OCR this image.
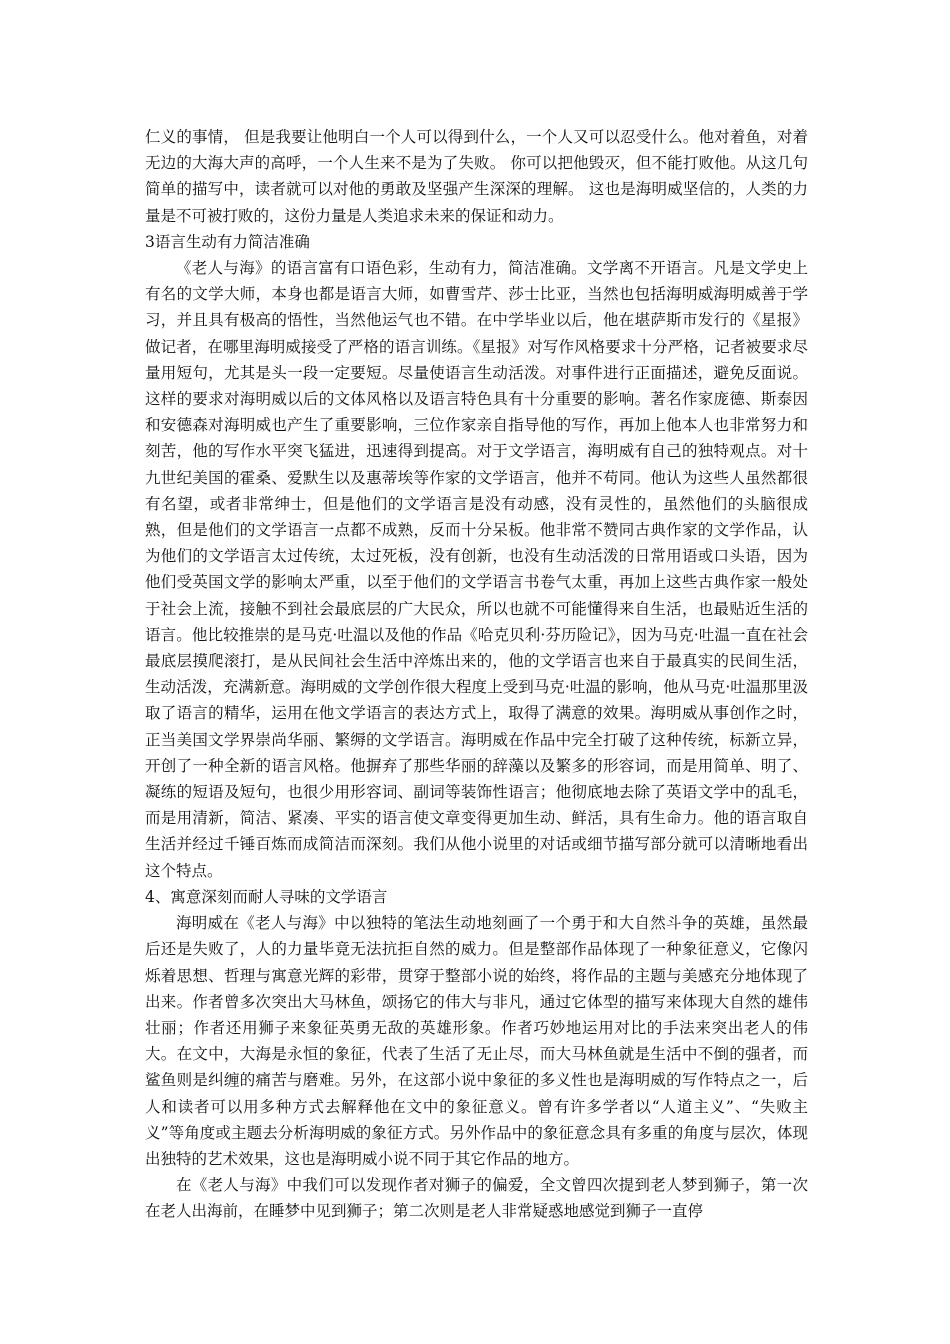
仁义的事情， 但是我要让他明白一个人可以得到什么，一个人又可以忍受什么。他对着鱼，对着无边的大海大声的高呼，一个人生来不是为了失败。 你可以把他毁灭，但不能打败他。从这几句简单的描写中，读者就可以对他的勇敢及坚强产生深深的理解。 这也是海明威坚信的，人类的力量是不可被打败的，这份力量是人类追求未来的保证和动力。

3语言生动有力简洁准确

《老人与海》的语言富有口语色彩，生动有力，简洁准确。文学离不开语言。凡是文学史上有名的文学大师，本身也都是语言大师，如曹雪芹、莎士比亚，当然也包括海明威海明威善于学习，并且具有极高的悟性，当然他运气也不错。在中学毕业以后，他在堪萨斯市发行的《星报》做记者，在哪里海明威接受了严格的语言训练。《星报》对写作风格要求十分严格，记者被要求尽量用短句，尤其是头一段一定要短。尽量使语言生动活泼。对事件进行正面描述，避免反面说。这样的要求对海明威以后的文体风格以及语言特色具有十分重要的影响。著名作家庞德、斯泰因和安德森对海明威也产生了重要影响，三位作家亲自指导他的写作，再加上他本人也非常努力和刻苦，他的写作水平突飞猛进，迅速得到提高。对于文学语言，海明威有自己的独特观点。对十九世纪美国的霍桑、爱默生以及惠蒂埃等作家的文学语言，他并不苟同。他认为这些人虽然都很有名望，或者非常绅士，但是他们的文学语言是没有动感，没有灵性的，虽然他们的头脑很成熟，但是他们的文学语言一点都不成熟，反而十分呆板。他非常不赞同古典作家的文学作品，认为他们的文学语言太过传统，太过死板，没有创新，也没有生动活泼的日常用语或口头语，因为他们受英国文学的影响太严重，以至于他们的文学语言书卷气太重，再加上这些古典作家一般处于社会上流，接触不到社会最底层的广大民众，所以也就不可能懂得来自生活，也最贴近生活的语言。他比较推崇的是马克·吐温以及他的作品《哈克贝利·芬历险记》，因为马克·吐温一直在社会最底层摸爬滚打，是从民间社会生活中淬炼出来的，他的文学语言也来自于最真实的民间生活，生动活泼，充满新意。海明威的文学创作很大程度上受到马克·吐温的影响，他从马克·吐温那里汲取了语言的精华，运用在他文学语言的表达方式上，取得了满意的效果。海明威从事创作之时，正当美国文学界崇尚华丽、繁缛的文学语言。海明威在作品中完全打破了这种传统，标新立异，开创了一种全新的语言风格。他摒弃了那些华丽的辞藻以及繁多的形容词，而是用简单、明了、凝练的短语及短句，也很少用形容词、副词等装饰性语言；他彻底地去除了英语文学中的乱毛，而是用清新，简洁、紧凑、平实的语言使文章变得更加生动、鲜活，具有生命力。他的语言取自生活并经过千锤百炼而成简洁而深刻。我们从他小说里的对话或细节描写部分就可以清晰地看出这个特点。

4、寓意深刻而耐人寻味的文学语言

海明威在《老人与海》中以独特的笔法生动地刻画了一个勇于和大自然斗争的英雄，虽然最后还是失败了，人的力量毕竟无法抗拒自然的威力。但是整部作品体现了一种象征意义，它像闪烁着思想、哲理与寓意光辉的彩带，贯穿于整部小说的始终，将作品的主题与美感充分地体现了出来。作者曾多次突出大马林鱼，颂扬它的伟大与非凡，通过它体型的描写来体现大自然的雄伟壮丽；作者还用狮子来象征英勇无敌的英雄形象。作者巧妙地运用对比的手法来突出老人的伟大。在文中，大海是永恒的象征，代表了生活了无止尽，而大马林鱼就是生活中不倒的强者，而鲨鱼则是纠缠的痛苦与磨难。另外，在这部小说中象征的多义性也是海明威的写作特点之一，后人和读者可以用多种方式去解释他在文中的象征意义。曾有许多学者以“人道主义”、“失败主义”等角度或主题去分析海明威的象征方式。另外作品中的象征意念具有多重的角度与层次，体现出独特的艺术效果，这也是海明威小说不同于其它作品的地方。

在《老人与海》中我们可以发现作者对狮子的偏爱，全文曾四次提到老人梦到狮子，第一次在老人出海前，在睡梦中见到狮子；第二次则是老人非常疑惑地感觉到狮子一直停
